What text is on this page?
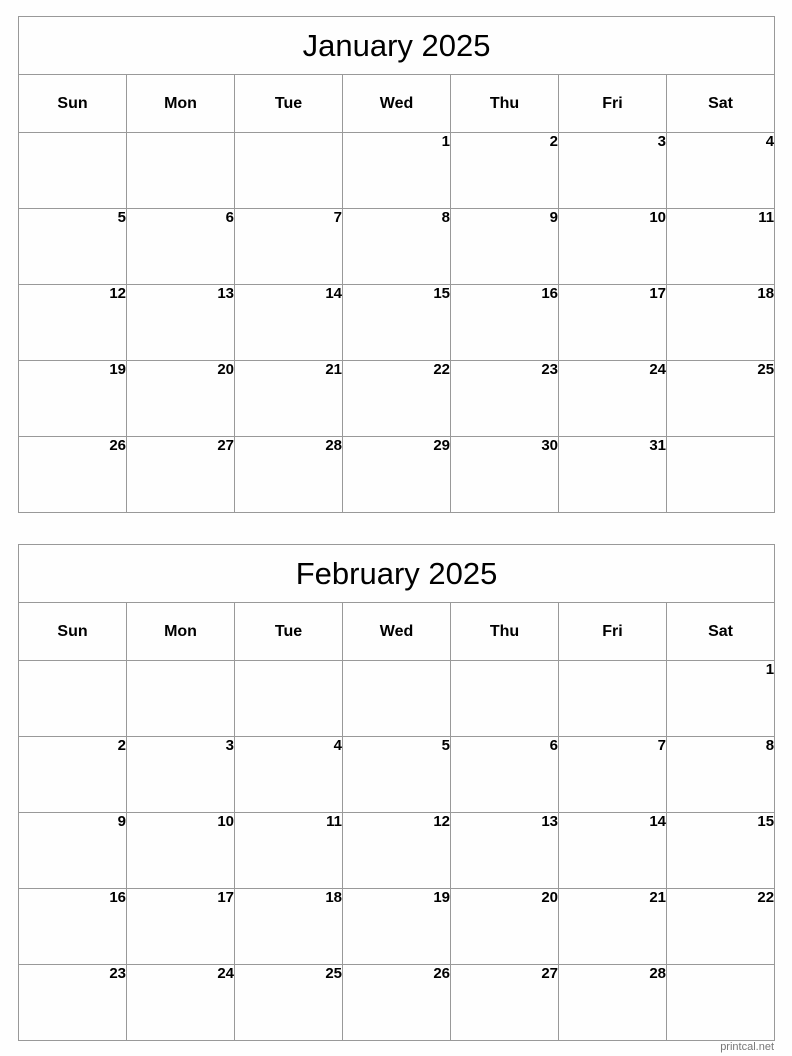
January 2025						
Sun	Mon	Tue	Wed	Thu	Fri	Sat
			1	2	3	4
5	6	7	8	9	10	11
12	13	14	15	16	17	18
19	20	21	22	23	24	25
26	27	28	29	30	31	
February 2025						
Sun	Mon	Tue	Wed	Thu	Fri	Sat
						1
2	3	4	5	6	7	8
9	10	11	12	13	14	15
16	17	18	19	20	21	22
23	24	25	26	27	28	
printcal.net
